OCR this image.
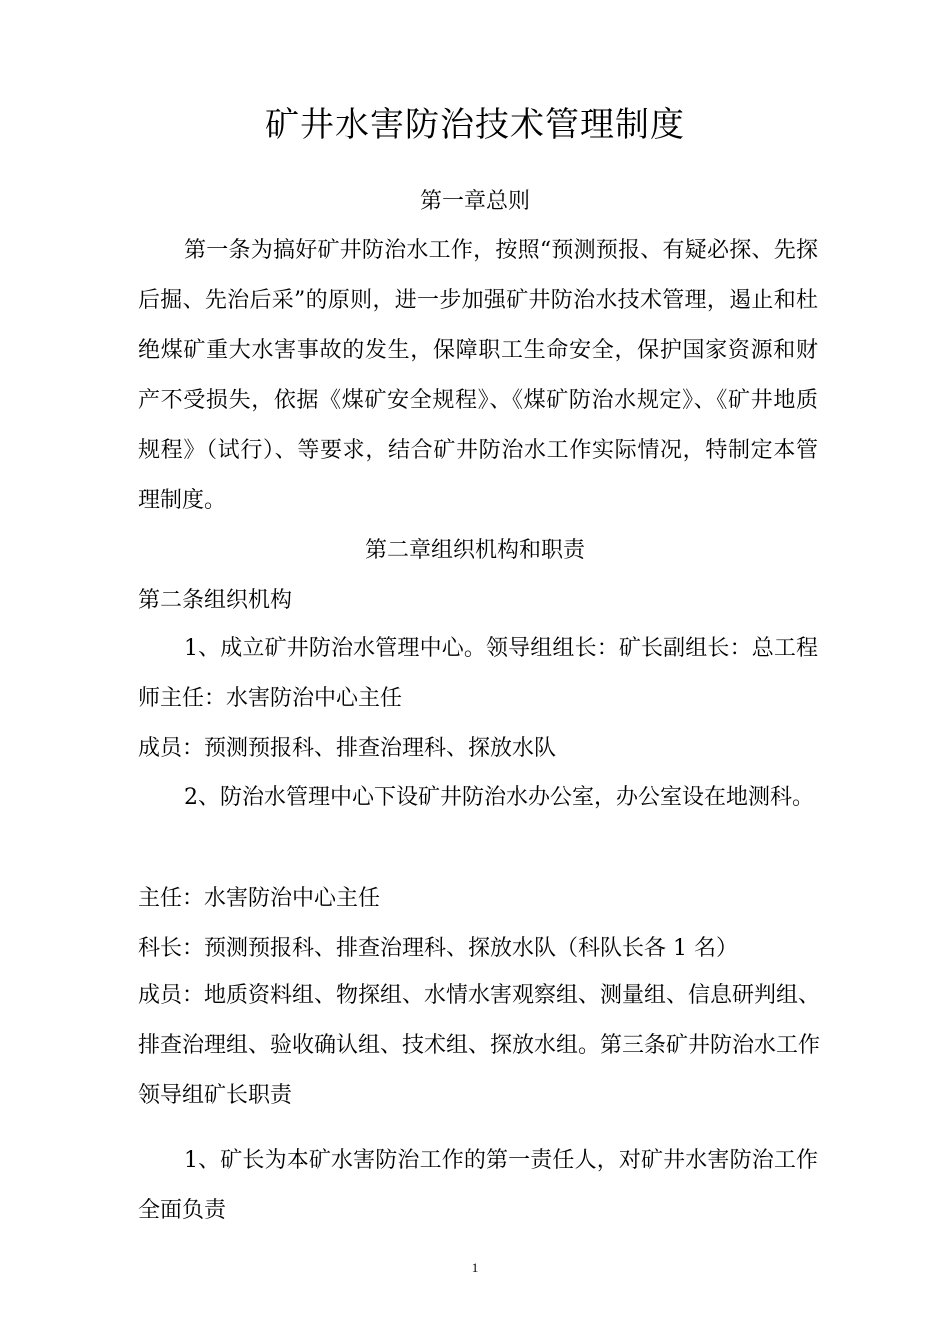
矿井水害防治技术管理制度
第一章总则

第一条为搞好矿井防治水工作，按照“预测预报、有疑必探、先探后掘、先治后采”的原则，进一步加强矿井防治水技术管理，遏止和杜绝煤矿重大水害事故的发生，保障职工生命安全，保护国家资源和财产不受损失，依据《煤矿安全规程》、《煤矿防治水规定》、《矿井地质规程》（试行）、等要求，结合矿井防治水工作实际情况，特制定本管理制度。

第二章组织机构和职责
第二条组织机构

1、成立矿井防治水管理中心。领导组组长：矿长副组长：总工程师主任：水害防治中心主任

成员：预测预报科、排查治理科、探放水队

2、防治水管理中心下设矿井防治水办公室，办公室设在地测科。

主任：水害防治中心主任
科长：预测预报科、排查治理科、探放水队（科队长各 1 名）

成员：地质资料组、物探组、水情水害观察组、测量组、信息研判组、排查治理组、验收确认组、技术组、探放水组。第三条矿井防治水工作领导组矿长职责

1、矿长为本矿水害防治工作的第一责任人，对矿井水害防治工作全面负责

1
